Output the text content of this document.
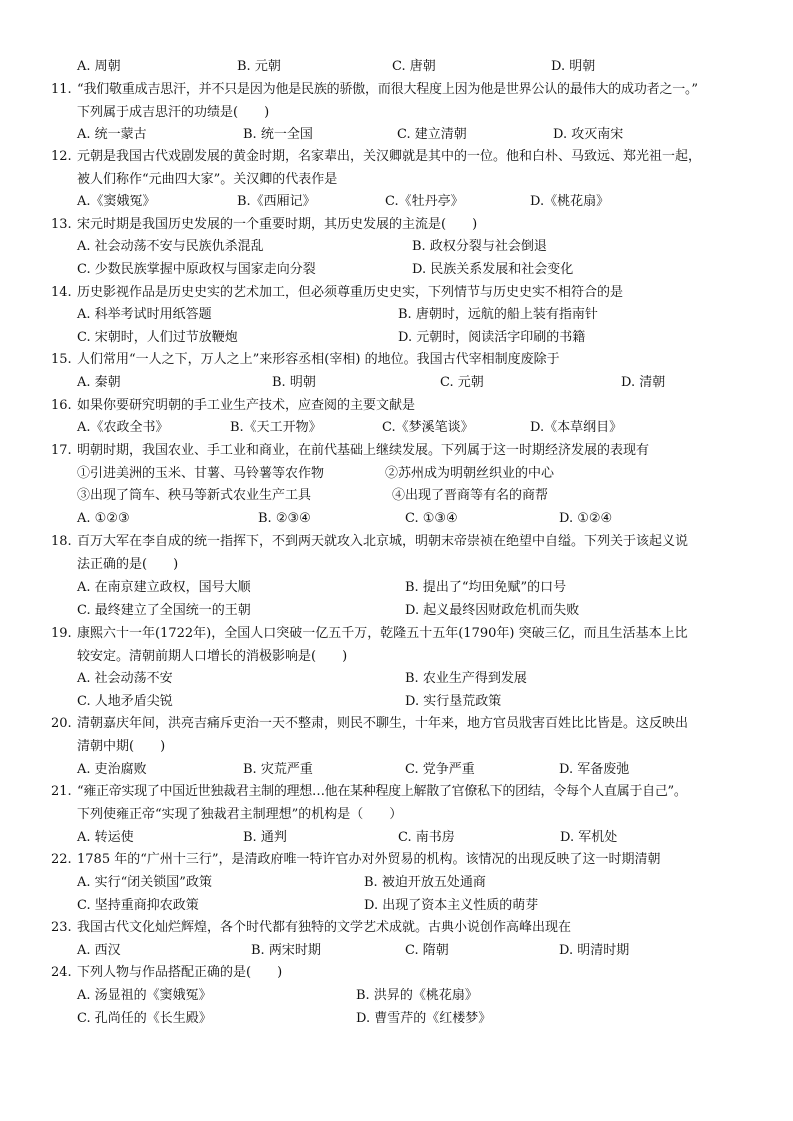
A. 周朝	B. 元朝	C. 唐朝	D. 明朝
11. “我们敬重成吉思汗，并不只是因为他是民族的骄傲，而很大程度上因为他是世界公认的最伟大的成功者之一。”
下列属于成吉思汗的功绩是(　　)
A. 统一蒙古	B. 统一全国	C. 建立清朝	D. 攻灭南宋
12. 元朝是我国古代戏剧发展的黄金时期，名家辈出，关汉卿就是其中的一位。他和白朴、马致远、郑光祖一起，
被人们称作“元曲四大家”。关汉卿的代表作是
A.《窦娥冤》	B.《西厢记》	C.《牡丹亭》	D.《桃花扇》
13. 宋元时期是我国历史发展的一个重要时期，其历史发展的主流是(　　)
A. 社会动荡不安与民族仇杀混乱	B. 政权分裂与社会倒退
C. 少数民族掌握中原政权与国家走向分裂	D. 民族关系发展和社会变化
14. 历史影视作品是历史史实的艺术加工，但必须尊重历史史实，下列情节与历史史实不相符合的是
A. 科举考试时用纸答题	B. 唐朝时，远航的船上装有指南针
C. 宋朝时，人们过节放鞭炮	D. 元朝时，阅读活字印刷的书籍
15. 人们常用“一人之下，万人之上”来形容丞相(宰相) 的地位。我国古代宰相制度废除于
A. 秦朝	B. 明朝	C. 元朝	D. 清朝
16. 如果你要研究明朝的手工业生产技术，应查阅的主要文献是
A.《农政全书》	B.《天工开物》	C.《梦溪笔谈》	D.《本草纲目》
17. 明朝时期，我国农业、手工业和商业，在前代基础上继续发展。下列属于这一时期经济发展的表现有
①引进美洲的玉米、甘薯、马铃薯等农作物	②苏州成为明朝丝织业的中心
③出现了筒车、秧马等新式农业生产工具	④出现了晋商等有名的商帮
A. ①②③	B. ②③④	C. ①③④	D. ①②④
18. 百万大军在李自成的统一指挥下，不到两天就攻入北京城，明朝末帝崇祯在绝望中自缢。下列关于该起义说
法正确的是(　　)
A. 在南京建立政权，国号大顺	B. 提出了“均田免赋”的口号
C. 最终建立了全国统一的王朝	D. 起义最终因财政危机而失败
19. 康熙六十一年(1722年)，全国人口突破一亿五千万，乾隆五十五年(1790年) 突破三亿，而且生活基本上比
较安定。清朝前期人口增长的消极影响是(　　)
A. 社会动荡不安	B. 农业生产得到发展
C. 人地矛盾尖锐	D. 实行垦荒政策
20. 清朝嘉庆年间，洪亮吉痛斥吏治一天不整肃，则民不聊生，十年来，地方官员戕害百姓比比皆是。这反映出
清朝中期(　　)
A. 吏治腐败	B. 灾荒严重	C. 党争严重	D. 军备废弛
21. “雍正帝实现了中国近世独裁君主制的理想…他在某种程度上解散了官僚私下的团结，令每个人直属于自己”。
下列使雍正帝“实现了独裁君主制理想”的机构是（　　）
A. 转运使	B. 通判	C. 南书房	D. 军机处
22. 1785 年的“广州十三行”，是清政府唯一特许官办对外贸易的机构。该情况的出现反映了这一时期清朝
A. 实行“闭关锁国”政策	B. 被迫开放五处通商
C. 坚持重商抑农政策	D. 出现了资本主义性质的萌芽
23. 我国古代文化灿烂辉煌，各个时代都有独特的文学艺术成就。古典小说创作高峰出现在
A. 西汉	B. 两宋时期	C. 隋朝	D. 明清时期
24. 下列人物与作品搭配正确的是(　　)
A. 汤显祖的《窦娥冤》	B. 洪昇的《桃花扇》
C. 孔尚任的《长生殿》	D. 曹雪芹的《红楼梦》
